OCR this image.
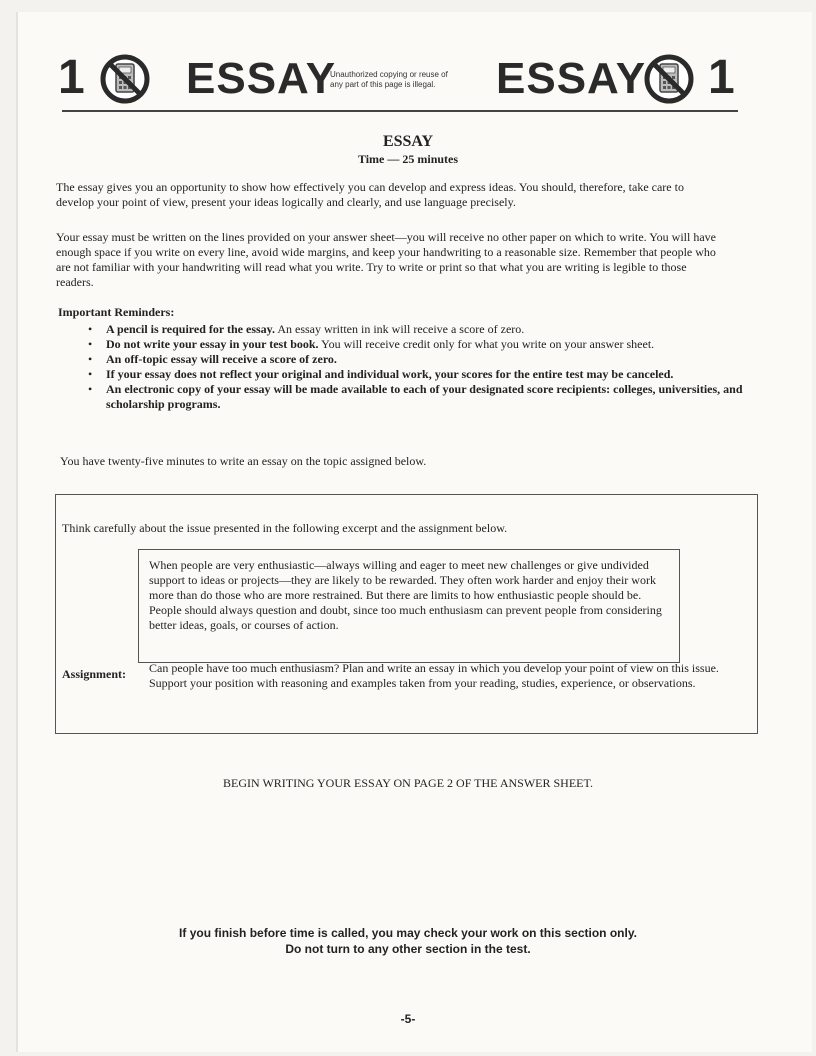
1 ESSAY
Unauthorized copying or reuse of
any part of this page is illegal.	ESSAY 1
ESSAY
Time — 25 minutes
The essay gives you an opportunity to show how effectively you can develop and express ideas. You should, therefore, take care to develop your point of view, present your ideas logically and clearly, and use language precisely.
Your essay must be written on the lines provided on your answer sheet—you will receive no other paper on which to write. You will have enough space if you write on every line, avoid wide margins, and keep your handwriting to a reasonable size. Remember that people who are not familiar with your handwriting will read what you write. Try to write or print so that what you are writing is legible to those readers.
Important Reminders:
• A pencil is required for the essay. An essay written in ink will receive a score of zero.
• Do not write your essay in your test book. You will receive credit only for what you write on your answer sheet.
• An off-topic essay will receive a score of zero.
• If your essay does not reflect your original and individual work, your scores for the entire test may be canceled.
• An electronic copy of your essay will be made available to each of your designated score recipients: colleges, universities, and scholarship programs.
You have twenty-five minutes to write an essay on the topic assigned below.
Think carefully about the issue presented in the following excerpt and the assignment below.
When people are very enthusiastic—always willing and eager to meet new challenges or give undivided support to ideas or projects—they are likely to be rewarded. They often work harder and enjoy their work more than do those who are more restrained. But there are limits to how enthusiastic people should be. People should always question and doubt, since too much enthusiasm can prevent people from considering better ideas, goals, or courses of action.
Assignment: Can people have too much enthusiasm? Plan and write an essay in which you develop your point of view on this issue. Support your position with reasoning and examples taken from your reading, studies, experience, or observations.
BEGIN WRITING YOUR ESSAY ON PAGE 2 OF THE ANSWER SHEET.
If you finish before time is called, you may check your work on this section only.
Do not turn to any other section in the test.
-5-
